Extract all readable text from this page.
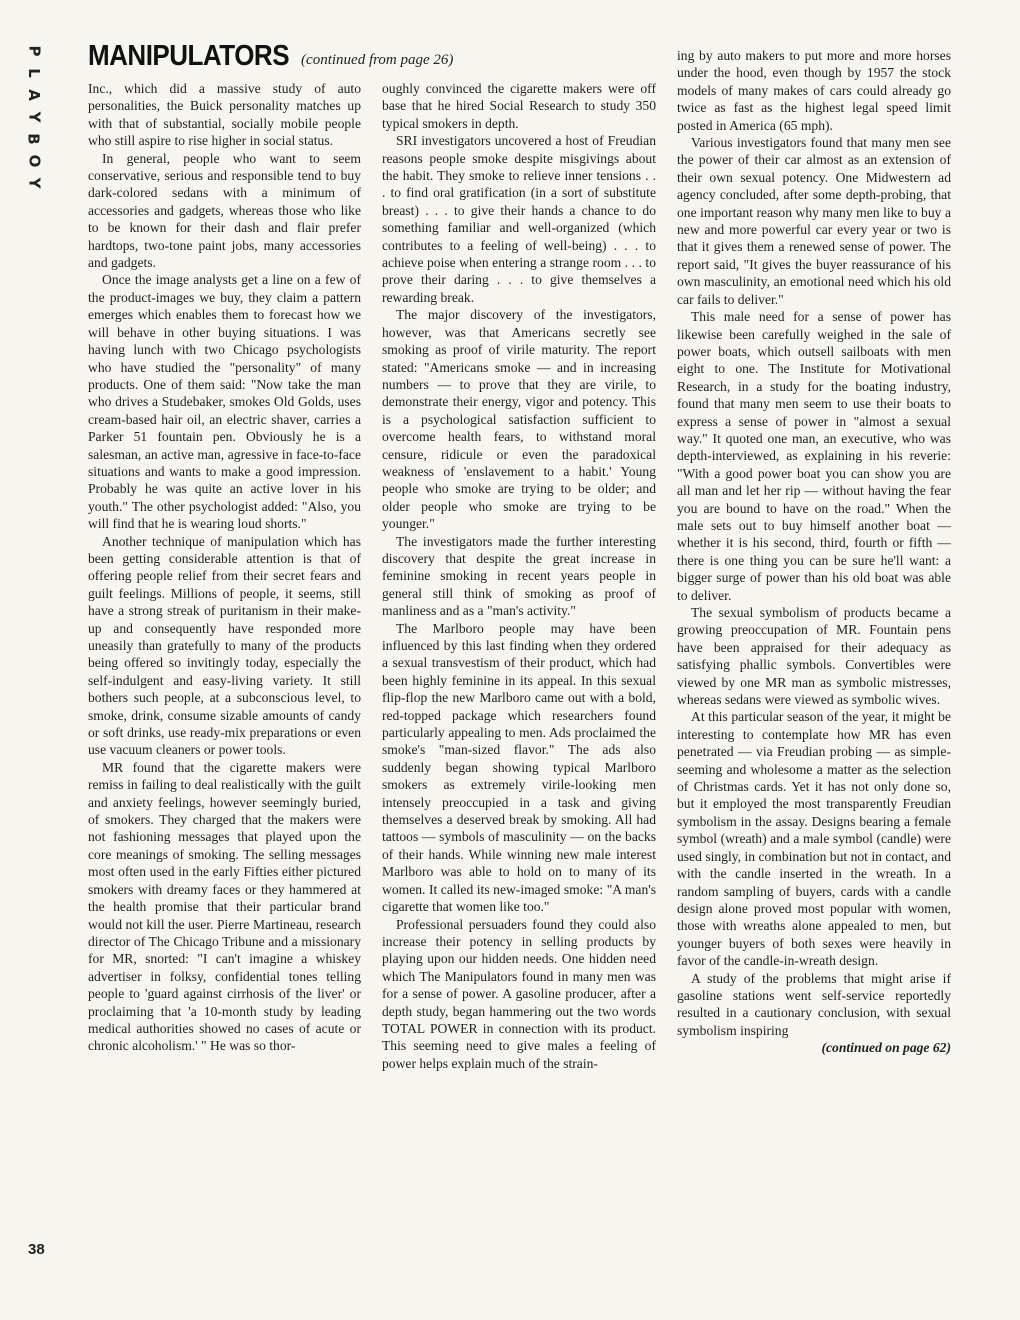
P
L
A
Y
B
O
Y
MANIPULATORS (continued from page 26)

Inc., which did a massive study of auto personalities, the Buick personality matches up with that of substantial, socially mobile people who still aspire to rise higher in social status.

In general, people who want to seem conservative, serious and responsible tend to buy dark-colored sedans with a minimum of accessories and gadgets, whereas those who like to be known for their dash and flair prefer hardtops, two-tone paint jobs, many accessories and gadgets.

Once the image analysts get a line on a few of the product-images we buy, they claim a pattern emerges which enables them to forecast how we will behave in other buying situations. I was having lunch with two Chicago psychologists who have studied the "personality" of many products. One of them said: "Now take the man who drives a Studebaker, smokes Old Golds, uses cream-based hair oil, an electric shaver, carries a Parker 51 fountain pen. Obviously he is a salesman, an active man, agressive in face-to-face situations and wants to make a good impression. Probably he was quite an active lover in his youth." The other psychologist added: "Also, you will find that he is wearing loud shorts."

Another technique of manipulation which has been getting considerable attention is that of offering people relief from their secret fears and guilt feelings. Millions of people, it seems, still have a strong streak of puritanism in their make-up and consequently have responded more uneasily than gratefully to many of the products being offered so invitingly today, especially the self-indulgent and easy-living variety. It still bothers such people, at a subconscious level, to smoke, drink, consume sizable amounts of candy or soft drinks, use ready-mix preparations or even use vacuum cleaners or power tools.

MR found that the cigarette makers were remiss in failing to deal realistically with the guilt and anxiety feelings, however seemingly buried, of smokers. They charged that the makers were not fashioning messages that played upon the core meanings of smoking. The selling messages most often used in the early Fifties either pictured smokers with dreamy faces or they hammered at the health promise that their particular brand would not kill the user. Pierre Martineau, research director of The Chicago Tribune and a missionary for MR, snorted: "I can't imagine a whiskey advertiser in folksy, confidential tones telling people to 'guard against cirrhosis of the liver' or proclaiming that 'a 10-month study by leading medical authorities showed no cases of acute or chronic alcoholism.' " He was so thor-

oughly convinced the cigarette makers were off base that he hired Social Research to study 350 typical smokers in depth.

SRI investigators uncovered a host of Freudian reasons people smoke despite misgivings about the habit. They smoke to relieve inner tensions . . . to find oral gratification (in a sort of substitute breast) . . . to give their hands a chance to do something familiar and well-organized (which contributes to a feeling of well-being) . . . to achieve poise when entering a strange room . . . to prove their daring . . . to give themselves a rewarding break.

The major discovery of the investigators, however, was that Americans secretly see smoking as proof of virile maturity. The report stated: "Americans smoke — and in increasing numbers — to prove that they are virile, to demonstrate their energy, vigor and potency. This is a psychological satisfaction sufficient to overcome health fears, to withstand moral censure, ridicule or even the paradoxical weakness of 'enslavement to a habit.' Young people who smoke are trying to be older; and older people who smoke are trying to be younger."

The investigators made the further interesting discovery that despite the great increase in feminine smoking in recent years people in general still think of smoking as proof of manliness and as a "man's activity."

The Marlboro people may have been influenced by this last finding when they ordered a sexual transvestism of their product, which had been highly feminine in its appeal. In this sexual flip-flop the new Marlboro came out with a bold, red-topped package which researchers found particularly appealing to men. Ads proclaimed the smoke's "man-sized flavor." The ads also suddenly began showing typical Marlboro smokers as extremely virile-looking men intensely preoccupied in a task and giving themselves a deserved break by smoking. All had tattoos — symbols of masculinity — on the backs of their hands. While winning new male interest Marlboro was able to hold on to many of its women. It called its new-imaged smoke: "A man's cigarette that women like too."

Professional persuaders found they could also increase their potency in selling products by playing upon our hidden needs. One hidden need which The Manipulators found in many men was for a sense of power. A gasoline producer, after a depth study, began hammering out the two words TOTAL POWER in connection with its product. This seeming need to give males a feeling of power helps explain much of the strain-

ing by auto makers to put more and more horses under the hood, even though by 1957 the stock models of many makes of cars could already go twice as fast as the highest legal speed limit posted in America (65 mph).

Various investigators found that many men see the power of their car almost as an extension of their own sexual potency. One Midwestern ad agency concluded, after some depth-probing, that one important reason why many men like to buy a new and more powerful car every year or two is that it gives them a renewed sense of power. The report said, "It gives the buyer reassurance of his own masculinity, an emotional need which his old car fails to deliver."

This male need for a sense of power has likewise been carefully weighed in the sale of power boats, which outsell sailboats with men eight to one. The Institute for Motivational Research, in a study for the boating industry, found that many men seem to use their boats to express a sense of power in "almost a sexual way." It quoted one man, an executive, who was depth-interviewed, as explaining in his reverie: "With a good power boat you can show you are all man and let her rip — without having the fear you are bound to have on the road." When the male sets out to buy himself another boat — whether it is his second, third, fourth or fifth — there is one thing you can be sure he'll want: a bigger surge of power than his old boat was able to deliver.

The sexual symbolism of products became a growing preoccupation of MR. Fountain pens have been appraised for their adequacy as satisfying phallic symbols. Convertibles were viewed by one MR man as symbolic mistresses, whereas sedans were viewed as symbolic wives.

At this particular season of the year, it might be interesting to contemplate how MR has even penetrated — via Freudian probing — as simple-seeming and wholesome a matter as the selection of Christmas cards. Yet it has not only done so, but it employed the most transparently Freudian symbolism in the assay. Designs bearing a female symbol (wreath) and a male symbol (candle) were used singly, in combination but not in contact, and with the candle inserted in the wreath. In a random sampling of buyers, cards with a candle design alone proved most popular with women, those with wreaths alone appealed to men, but younger buyers of both sexes were heavily in favor of the candle-in-wreath design.

A study of the problems that might arise if gasoline stations went self-service reportedly resulted in a cautionary conclusion, with sexual symbolism inspiring

(continued on page 62)
38
